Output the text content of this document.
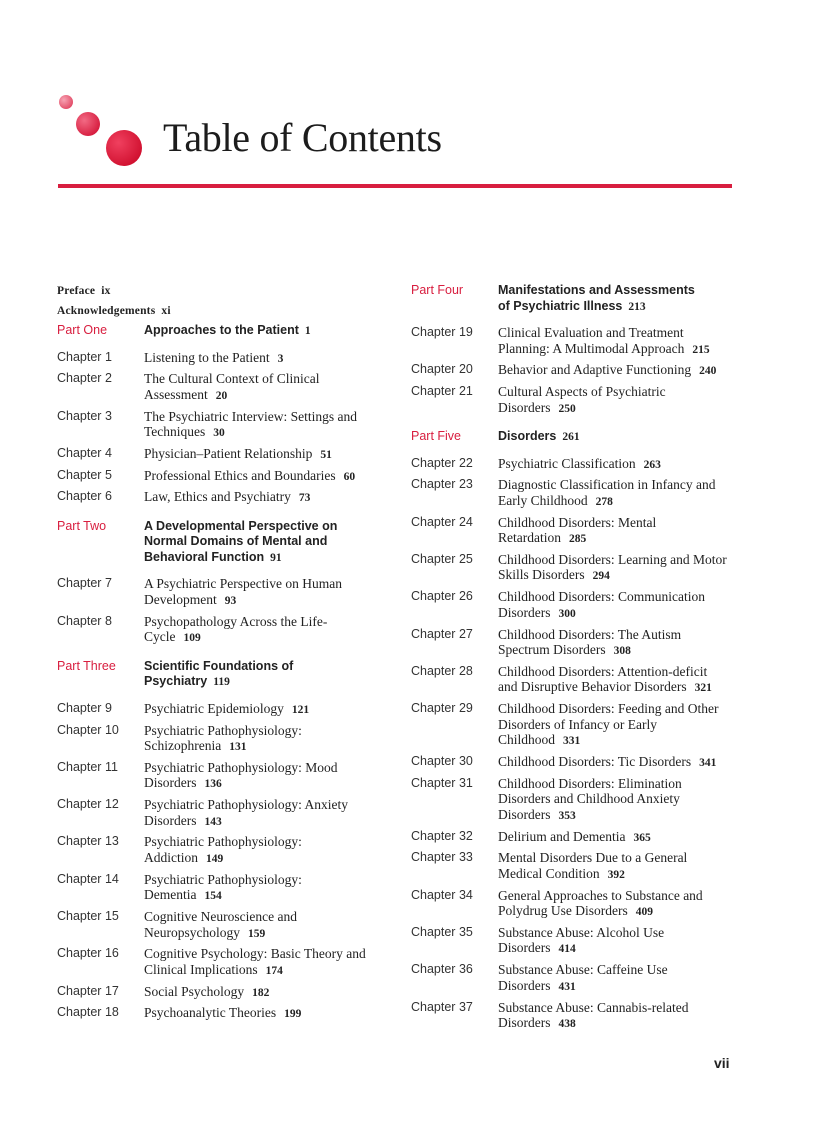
Table of Contents
Preface ix
Acknowledgements xi
Part One	Approaches to the Patient 1
Chapter 1	Listening to the Patient 3
Chapter 2	The Cultural Context of Clinical Assessment 20
Chapter 3	The Psychiatric Interview: Settings and Techniques 30
Chapter 4	Physician–Patient Relationship 51
Chapter 5	Professional Ethics and Boundaries 60
Chapter 6	Law, Ethics and Psychiatry 73
Part Two	A Developmental Perspective on Normal Domains of Mental and Behavioral Function 91
Chapter 7	A Psychiatric Perspective on Human Development 93
Chapter 8	Psychopathology Across the Life-Cycle 109
Part Three	Scientific Foundations of Psychiatry 119
Chapter 9	Psychiatric Epidemiology 121
Chapter 10	Psychiatric Pathophysiology: Schizophrenia 131
Chapter 11	Psychiatric Pathophysiology: Mood Disorders 136
Chapter 12	Psychiatric Pathophysiology: Anxiety Disorders 143
Chapter 13	Psychiatric Pathophysiology: Addiction 149
Chapter 14	Psychiatric Pathophysiology: Dementia 154
Chapter 15	Cognitive Neuroscience and Neuropsychology 159
Chapter 16	Cognitive Psychology: Basic Theory and Clinical Implications 174
Chapter 17	Social Psychology 182
Chapter 18	Psychoanalytic Theories 199
Part Four	Manifestations and Assessments of Psychiatric Illness 213
Chapter 19	Clinical Evaluation and Treatment Planning: A Multimodal Approach 215
Chapter 20	Behavior and Adaptive Functioning 240
Chapter 21	Cultural Aspects of Psychiatric Disorders 250
Part Five	Disorders 261
Chapter 22	Psychiatric Classification 263
Chapter 23	Diagnostic Classification in Infancy and Early Childhood 278
Chapter 24	Childhood Disorders: Mental Retardation 285
Chapter 25	Childhood Disorders: Learning and Motor Skills Disorders 294
Chapter 26	Childhood Disorders: Communication Disorders 300
Chapter 27	Childhood Disorders: The Autism Spectrum Disorders 308
Chapter 28	Childhood Disorders: Attention-deficit and Disruptive Behavior Disorders 321
Chapter 29	Childhood Disorders: Feeding and Other Disorders of Infancy or Early Childhood 331
Chapter 30	Childhood Disorders: Tic Disorders 341
Chapter 31	Childhood Disorders: Elimination Disorders and Childhood Anxiety Disorders 353
Chapter 32	Delirium and Dementia 365
Chapter 33	Mental Disorders Due to a General Medical Condition 392
Chapter 34	General Approaches to Substance and Polydrug Use Disorders 409
Chapter 35	Substance Abuse: Alcohol Use Disorders 414
Chapter 36	Substance Abuse: Caffeine Use Disorders 431
Chapter 37	Substance Abuse: Cannabis-related Disorders 438
vii
